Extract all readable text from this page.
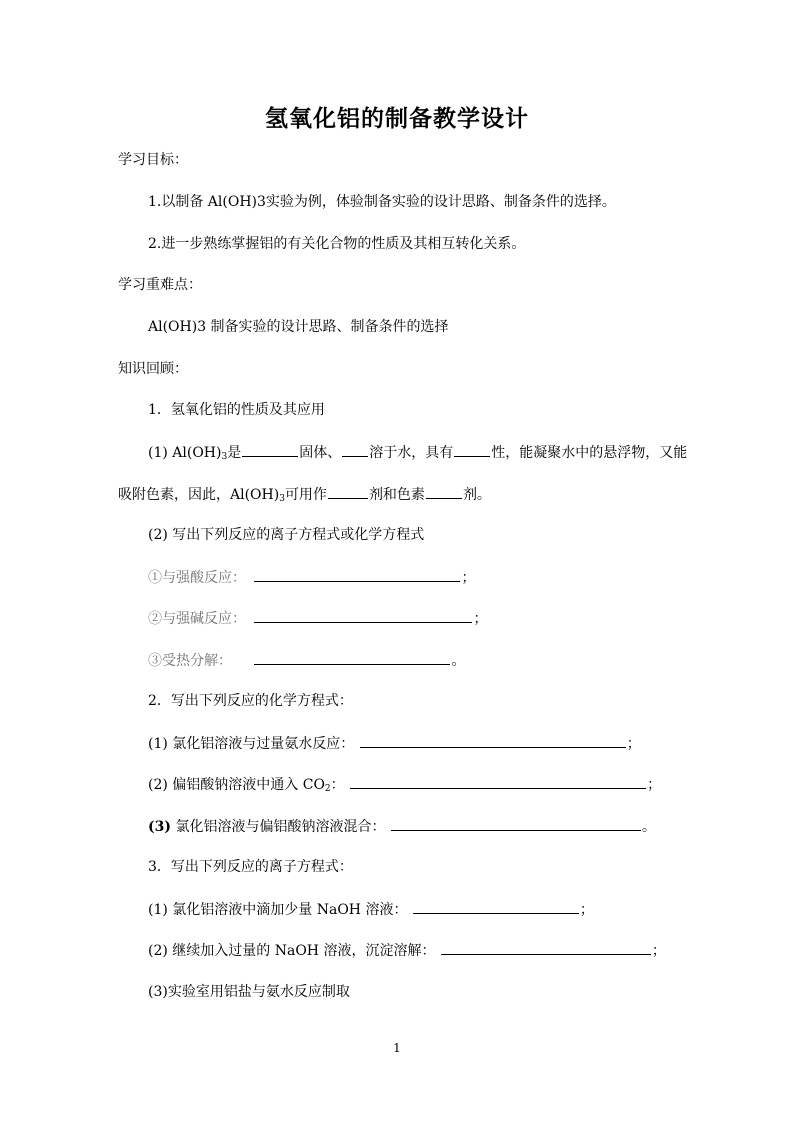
氢氧化铝的制备教学设计
学习目标：
1.以制备 Al(OH)3实验为例，体验制备实验的设计思路、制备条件的选择。
2.进一步熟练掌握铝的有关化合物的性质及其相互转化关系。
学习重难点：
Al(OH)3 制备实验的设计思路、制备条件的选择
知识回顾：
1．氢氧化铝的性质及其应用
(1) $Al(OH)_3$是	固体、 溶于水，具有	性，能凝聚水中的悬浮物，又能
吸附色素，因此，$Al(OH)_3$可用作	剂和色素	剂。
(2) 写出下列反应的离子方程式或化学方程式
①与强酸反应：	；
②与强碱反应：	；
③受热分解：	。
2．写出下列反应的化学方程式：
(1) 氯化铝溶液与过量氨水反应：	；
(2) 偏铝酸钠溶液中通入 $CO_2$：	；
(3) 氯化铝溶液与偏铝酸钠溶液混合：	。
3．写出下列反应的离子方程式：
(1) 氯化铝溶液中滴加少量 NaOH 溶液：	；
(2) 继续加入过量的 NaOH 溶液，沉淀溶解：	；
(3)实验室用铝盐与氨水反应制取
1
